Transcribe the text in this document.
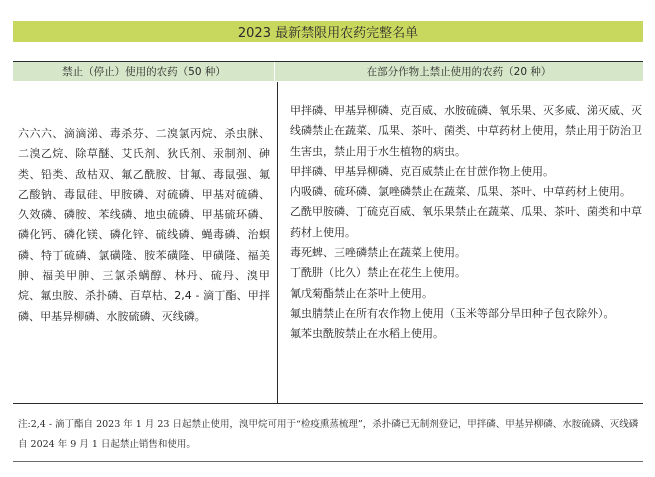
2023 最新禁限用农药完整名单
禁止（停止）使用的农药（50 种）	在部分作物上禁止使用的农药（20 种）
六六六、滴滴涕、毒杀芬、二溴氯丙烷、杀虫脒、二溴乙烷、除草醚、艾氏剂、狄氏剂、汞制剂、砷类、铅类、敌枯双、氟乙酰胺、甘氟、毒鼠强、氟乙酸钠、毒鼠硅、甲胺磷、对硫磷、甲基对硫磷、久效磷、磷胺、苯线磷、地虫硫磷、甲基硫环磷、磷化钙、磷化镁、磷化锌、硫线磷、蝇毒磷、治螟磷、特丁硫磷、氯磺隆、胺苯磺隆、甲磺隆、福美胂、福美甲胂、三氯杀螨醇、林丹、硫丹、溴甲烷、氟虫胺、杀扑磷、百草枯、2,4 - 滴丁酯、甲拌磷、甲基异柳磷、水胺硫磷、灭线磷。

甲拌磷、甲基异柳磷、克百威、水胺硫磷、氧乐果、灭多威、涕灭威、灭线磷禁止在蔬菜、瓜果、茶叶、菌类、中草药材上使用，禁止用于防治卫生害虫，禁止用于水生植物的病虫。

甲拌磷、甲基异柳磷、克百威禁止在甘蔗作物上使用。

内吸磷、硫环磷、氯唑磷禁止在蔬菜、瓜果、茶叶、中草药材上使用。

乙酰甲胺磷、丁硫克百威、氧乐果禁止在蔬菜、瓜果、茶叶、菌类和中草药材上使用。

毒死蜱、三唑磷禁止在蔬菜上使用。

丁酰肼（比久）禁止在花生上使用。

氰戊菊酯禁止在茶叶上使用。

氟虫腈禁止在所有农作物上使用（玉米等部分旱田种子包衣除外）。

氟苯虫酰胺禁止在水稻上使用。

注:2,4 - 滴丁酯自 2023 年 1 月 23 日起禁止使用，溴甲烷可用于“检疫熏蒸梳理”，杀扑磷已无制剂登记，甲拌磷、甲基异柳磷、水胺硫磷、灭线磷自 2024 年 9 月 1 日起禁止销售和使用。
